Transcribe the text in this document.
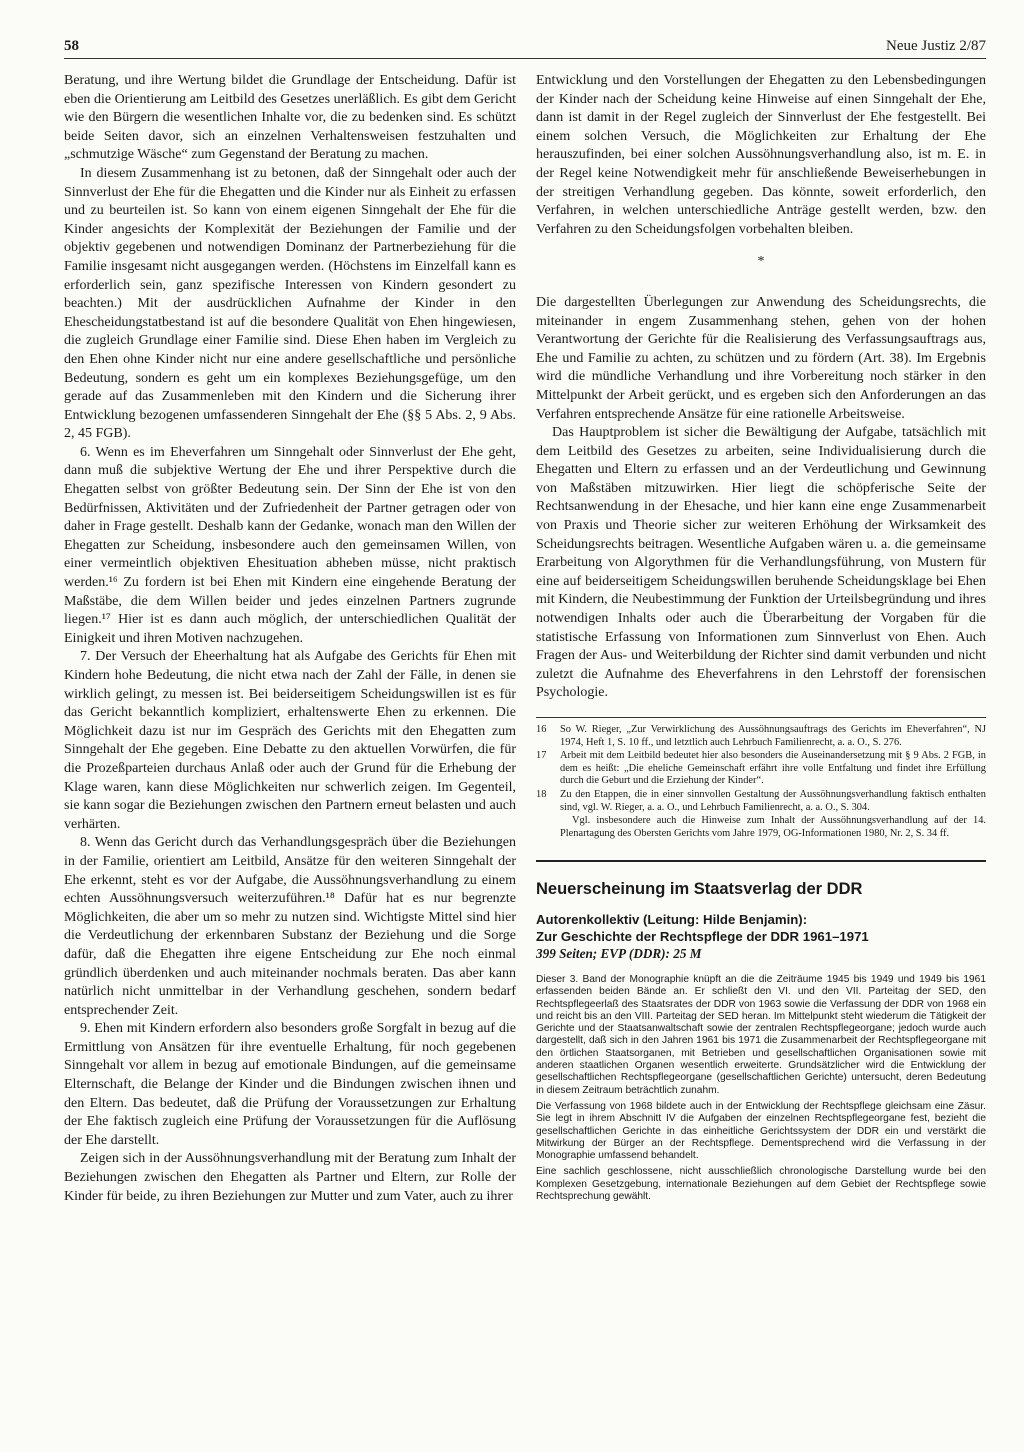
58	Neue Justiz 2/87

Beratung, und ihre Wertung bildet die Grundlage der Entscheidung. Dafür ist eben die Orientierung am Leitbild des Gesetzes unerläßlich. Es gibt dem Gericht wie den Bürgern die wesentlichen Inhalte vor, die zu bedenken sind. Es schützt beide Seiten davor, sich an einzelnen Verhaltensweisen festzuhalten und „schmutzige Wäsche“ zum Gegenstand der Beratung zu machen.

In diesem Zusammenhang ist zu betonen, daß der Sinngehalt oder auch der Sinnverlust der Ehe für die Ehegatten und die Kinder nur als Einheit zu erfassen und zu beurteilen ist. So kann von einem eigenen Sinngehalt der Ehe für die Kinder angesichts der Komplexität der Beziehungen der Familie und der objektiv gegebenen und notwendigen Dominanz der Partnerbeziehung für die Familie insgesamt nicht ausgegangen werden. (Höchstens im Einzelfall kann es erforderlich sein, ganz spezifische Interessen von Kindern gesondert zu beachten.) Mit der ausdrücklichen Aufnahme der Kinder in den Ehescheidungstatbestand ist auf die besondere Qualität von Ehen hingewiesen, die zugleich Grundlage einer Familie sind. Diese Ehen haben im Vergleich zu den Ehen ohne Kinder nicht nur eine andere gesellschaftliche und persönliche Bedeutung, sondern es geht um ein komplexes Beziehungsgefüge, um den gerade auf das Zusammenleben mit den Kindern und die Sicherung ihrer Entwicklung bezogenen umfassenderen Sinngehalt der Ehe (§§ 5 Abs. 2, 9 Abs. 2, 45 FGB).

6. Wenn es im Eheverfahren um Sinngehalt oder Sinnverlust der Ehe geht, dann muß die subjektive Wertung der Ehe und ihrer Perspektive durch die Ehegatten selbst von größter Bedeutung sein. Der Sinn der Ehe ist von den Bedürfnissen, Aktivitäten und der Zufriedenheit der Partner getragen oder von daher in Frage gestellt. Deshalb kann der Gedanke, wonach man den Willen der Ehegatten zur Scheidung, insbesondere auch den gemeinsamen Willen, von einer vermeintlich objektiven Ehesituation abheben müsse, nicht praktisch werden.¹⁶ Zu fordern ist bei Ehen mit Kindern eine eingehende Beratung der Maßstäbe, die dem Willen beider und jedes einzelnen Partners zugrunde liegen.¹⁷ Hier ist es dann auch möglich, der unterschiedlichen Qualität der Einigkeit und ihren Motiven nachzugehen.

7. Der Versuch der Eheerhaltung hat als Aufgabe des Gerichts für Ehen mit Kindern hohe Bedeutung, die nicht etwa nach der Zahl der Fälle, in denen sie wirklich gelingt, zu messen ist. Bei beiderseitigem Scheidungswillen ist es für das Gericht bekanntlich kompliziert, erhaltenswerte Ehen zu erkennen. Die Möglichkeit dazu ist nur im Gespräch des Gerichts mit den Ehegatten zum Sinngehalt der Ehe gegeben. Eine Debatte zu den aktuellen Vorwürfen, die für die Prozeßparteien durchaus Anlaß oder auch der Grund für die Erhebung der Klage waren, kann diese Möglichkeiten nur schwerlich zeigen. Im Gegenteil, sie kann sogar die Beziehungen zwischen den Partnern erneut belasten und auch verhärten.

8. Wenn das Gericht durch das Verhandlungsgespräch über die Beziehungen in der Familie, orientiert am Leitbild, Ansätze für den weiteren Sinngehalt der Ehe erkennt, steht es vor der Aufgabe, die Aussöhnungsverhandlung zu einem echten Aussöhnungsversuch weiterzuführen.¹⁸ Dafür hat es nur begrenzte Möglichkeiten, die aber um so mehr zu nutzen sind. Wichtigste Mittel sind hier die Verdeutlichung der erkennbaren Substanz der Beziehung und die Sorge dafür, daß die Ehegatten ihre eigene Entscheidung zur Ehe noch einmal gründlich überdenken und auch miteinander nochmals beraten. Das aber kann natürlich nicht unmittelbar in der Verhandlung geschehen, sondern bedarf entsprechender Zeit.

9. Ehen mit Kindern erfordern also besonders große Sorgfalt in bezug auf die Ermittlung von Ansätzen für ihre eventuelle Erhaltung, für noch gegebenen Sinngehalt vor allem in bezug auf emotionale Bindungen, auf die gemeinsame Elternschaft, die Belange der Kinder und die Bindungen zwischen ihnen und den Eltern. Das bedeutet, daß die Prüfung der Voraussetzungen zur Erhaltung der Ehe faktisch zugleich eine Prüfung der Voraussetzungen für die Auflösung der Ehe darstellt.

Zeigen sich in der Aussöhnungsverhandlung mit der Beratung zum Inhalt der Beziehungen zwischen den Ehegatten als Partner und Eltern, zur Rolle der Kinder für beide, zu ihren Beziehungen zur Mutter und zum Vater, auch zu ihrer

Entwicklung und den Vorstellungen der Ehegatten zu den Lebensbedingungen der Kinder nach der Scheidung keine Hinweise auf einen Sinngehalt der Ehe, dann ist damit in der Regel zugleich der Sinnverlust der Ehe festgestellt. Bei einem solchen Versuch, die Möglichkeiten zur Erhaltung der Ehe herauszufinden, bei einer solchen Aussöhnungsverhandlung also, ist m. E. in der Regel keine Notwendigkeit mehr für anschließende Beweiserhebungen in der streitigen Verhandlung gegeben. Das könnte, soweit erforderlich, den Verfahren, in welchen unterschiedliche Anträge gestellt werden, bzw. den Verfahren zu den Scheidungsfolgen vorbehalten bleiben.

*

Die dargestellten Überlegungen zur Anwendung des Scheidungsrechts, die miteinander in engem Zusammenhang stehen, gehen von der hohen Verantwortung der Gerichte für die Realisierung des Verfassungsauftrags aus, Ehe und Familie zu achten, zu schützen und zu fördern (Art. 38). Im Ergebnis wird die mündliche Verhandlung und ihre Vorbereitung noch stärker in den Mittelpunkt der Arbeit gerückt, und es ergeben sich den Anforderungen an das Verfahren entsprechende Ansätze für eine rationelle Arbeitsweise.

Das Hauptproblem ist sicher die Bewältigung der Aufgabe, tatsächlich mit dem Leitbild des Gesetzes zu arbeiten, seine Individualisierung durch die Ehegatten und Eltern zu erfassen und an der Verdeutlichung und Gewinnung von Maßstäben mitzuwirken. Hier liegt die schöpferische Seite der Rechtsanwendung in der Ehesache, und hier kann eine enge Zusammenarbeit von Praxis und Theorie sicher zur weiteren Erhöhung der Wirksamkeit des Scheidungsrechts beitragen. Wesentliche Aufgaben wären u. a. die gemeinsame Erarbeitung von Algorythmen für die Verhandlungsführung, von Mustern für eine auf beiderseitigem Scheidungswillen beruhende Scheidungsklage bei Ehen mit Kindern, die Neubestimmung der Funktion der Urteilsbegründung und ihres notwendigen Inhalts oder auch die Überarbeitung der Vorgaben für die statistische Erfassung von Informationen zum Sinnverlust von Ehen. Auch Fragen der Aus- und Weiterbildung der Richter sind damit verbunden und nicht zuletzt die Aufnahme des Eheverfahrens in den Lehrstoff der forensischen Psychologie.

16	So W. Rieger, „Zur Verwirklichung des Aussöhnungsauftrags des Gerichts im Eheverfahren“, NJ 1974, Heft 1, S. 10 ff., und letztlich auch Lehrbuch Familienrecht, a. a. O., S. 276.
17	Arbeit mit dem Leitbild bedeutet hier also besonders die Auseinandersetzung mit § 9 Abs. 2 FGB, in dem es heißt: „Die eheliche Gemeinschaft erfährt ihre volle Entfaltung und findet ihre Erfüllung durch die Geburt und die Erziehung der Kinder“.
18	Zu den Etappen, die in einer sinnvollen Gestaltung der Aussöhnungsverhandlung faktisch enthalten sind, vgl. W. Rieger, a. a. O., und Lehrbuch Familienrecht, a. a. O., S. 304.
Vgl. insbesondere auch die Hinweise zum Inhalt der Aussöhnungsverhandlung auf der 14. Plenartagung des Obersten Gerichts vom Jahre 1979, OG-Informationen 1980, Nr. 2, S. 34 ff.
Neuerscheinung im Staatsverlag der DDR
Autorenkollektiv (Leitung: Hilde Benjamin):
Zur Geschichte der Rechtspflege der DDR 1961–1971
399 Seiten; EVP (DDR): 25 M

Dieser 3. Band der Monographie knüpft an die die Zeiträume 1945 bis 1949 und 1949 bis 1961 erfassenden beiden Bände an. Er schließt den VI. und den VII. Parteitag der SED, den Rechtspflegeerlaß des Staatsrates der DDR von 1963 sowie die Verfassung der DDR von 1968 ein und reicht bis an den VIII. Parteitag der SED heran. Im Mittelpunkt steht wiederum die Tätigkeit der Gerichte und der Staatsanwaltschaft sowie der zentralen Rechtspflegeorgane; jedoch wurde auch dargestellt, daß sich in den Jahren 1961 bis 1971 die Zusammenarbeit der Rechtspflegeorgane mit den örtlichen Staatsorganen, mit Betrieben und gesellschaftlichen Organisationen sowie mit anderen staatlichen Organen wesentlich erweiterte. Grundsätzlicher wird die Entwicklung der gesellschaftlichen Rechtspflegeorgane (gesellschaftlichen Gerichte) untersucht, deren Bedeutung in diesem Zeitraum beträchtlich zunahm.

Die Verfassung von 1968 bildete auch in der Entwicklung der Rechtspflege gleichsam eine Zäsur. Sie legt in ihrem Abschnitt IV die Aufgaben der einzelnen Rechtspflegeorgane fest, bezieht die gesellschaftlichen Gerichte in das einheitliche Gerichtssystem der DDR ein und verstärkt die Mitwirkung der Bürger an der Rechtspflege. Dementsprechend wird die Verfassung in der Monographie umfassend behandelt.

Eine sachlich geschlossene, nicht ausschließlich chronologische Darstellung wurde bei den Komplexen Gesetzgebung, internationale Beziehungen auf dem Gebiet der Rechtspflege sowie Rechtsprechung gewählt.
